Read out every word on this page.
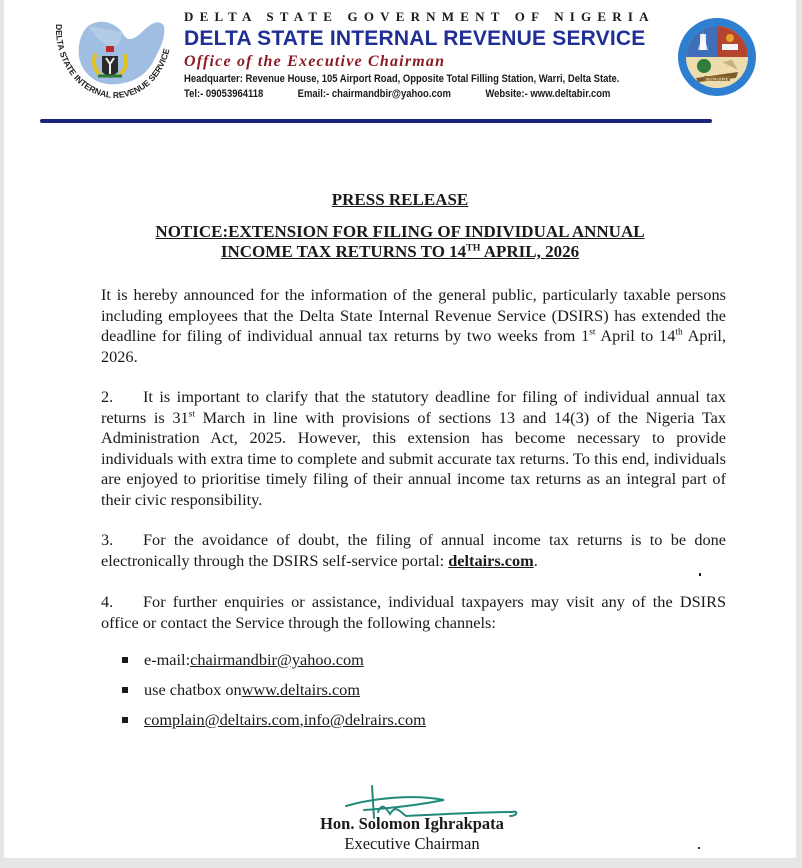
DELTA STATE INTERNAL REVENUE SERVICE
DELTA STATE GOVERNMENT OF NIGERIA
DELTA STATE INTERNAL REVENUE SERVICE
Office of the Executive Chairman
Headquarter: Revenue House, 105 Airport Road, Opposite Total Filling Station, Warri, Delta State.
Tel:- 09053964118	Email:- chairmandbir@yahoo.com	Website:- www.deltabir.com
DELTA STATE
PRESS RELEASE
NOTICE:EXTENSION FOR FILING OF INDIVIDUAL ANNUAL
INCOME TAX RETURNS TO 14TH APRIL, 2026
It is hereby announced for the information of the general public, particularly taxable persons including employees that the Delta State Internal Revenue Service (DSIRS) has extended the deadline for filing of individual annual tax returns by two weeks from 1st April to 14th April, 2026.
2. It is important to clarify that the statutory deadline for filing of individual annual tax returns is 31st March in line with provisions of sections 13 and 14(3) of the Nigeria Tax Administration Act, 2025. However, this extension has become necessary to provide individuals with extra time to complete and submit accurate tax returns. To this end, individuals are enjoyed to prioritise timely filing of their annual income tax returns as an integral part of their civic responsibility.
3. For the avoidance of doubt, the filing of annual income tax returns is to be done electronically through the DSIRS self-service portal: deltairs.com.
4. For further enquiries or assistance, individual taxpayers may visit any of the DSIRS office or contact the Service through the following channels:
e-mail: chairmandbir@yahoo.com
use chatbox on www.deltairs.com
complain@deltairs.com , info@delrairs.com
Hon. Solomon Ighrakpata
Executive Chairman
